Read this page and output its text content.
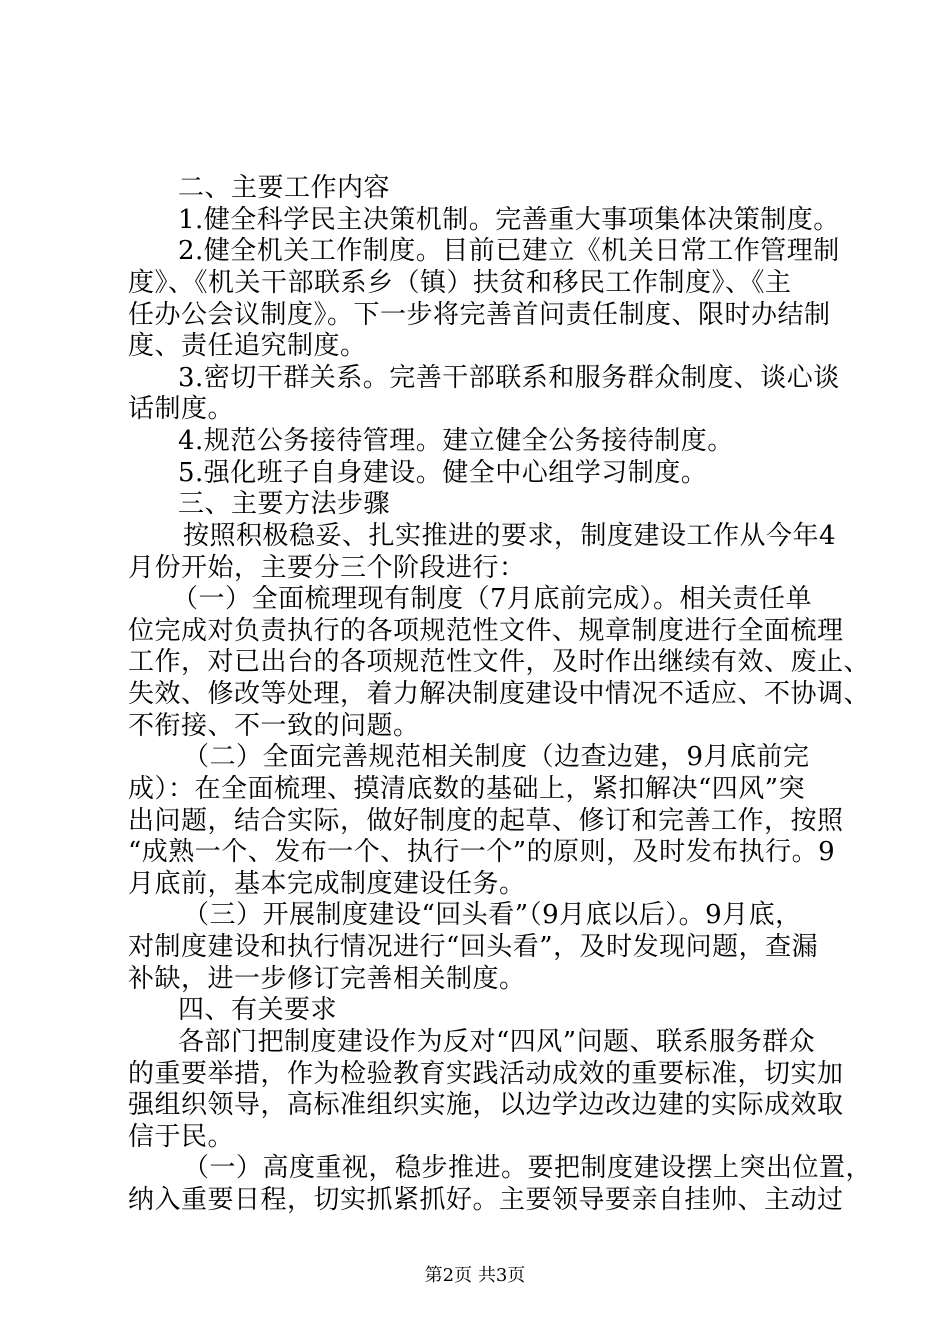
二、主要工作内容
1.健全科学民主决策机制。完善重大事项集体决策制度。
2.健全机关工作制度。目前已建立《机关日常工作管理制
度》、《机关干部联系乡（镇）扶贫和移民工作制度》、《主
任办公会议制度》。下一步将完善首问责任制度、限时办结制
度、责任追究制度。
3.密切干群关系。完善干部联系和服务群众制度、谈心谈
话制度。
4.规范公务接待管理。建立健全公务接待制度。
5.强化班子自身建设。健全中心组学习制度。
三、主要方法步骤
按照积极稳妥、扎实推进的要求，制度建设工作从今年4
月份开始，主要分三个阶段进行：
（一）全面梳理现有制度（7月底前完成）。相关责任单
位完成对负责执行的各项规范性文件、规章制度进行全面梳理
工作，对已出台的各项规范性文件，及时作出继续有效、废止、
失效、修改等处理，着力解决制度建设中情况不适应、不协调、
不衔接、不一致的问题。
（二）全面完善规范相关制度（边查边建，9月底前完
成）：在全面梳理、摸清底数的基础上，紧扣解决“四风”突
出问题，结合实际，做好制度的起草、修订和完善工作，按照
“成熟一个、发布一个、执行一个”的原则，及时发布执行。9
月底前，基本完成制度建设任务。
（三）开展制度建设“回头看”（9月底以后）。9月底，
对制度建设和执行情况进行“回头看”，及时发现问题，查漏
补缺，进一步修订完善相关制度。
四、有关要求
各部门把制度建设作为反对“四风”问题、联系服务群众
的重要举措，作为检验教育实践活动成效的重要标准，切实加
强组织领导，高标准组织实施，以边学边改边建的实际成效取
信于民。
（一）高度重视，稳步推进。要把制度建设摆上突出位置，
纳入重要日程，切实抓紧抓好。主要领导要亲自挂帅、主动过
第2页 共3页
